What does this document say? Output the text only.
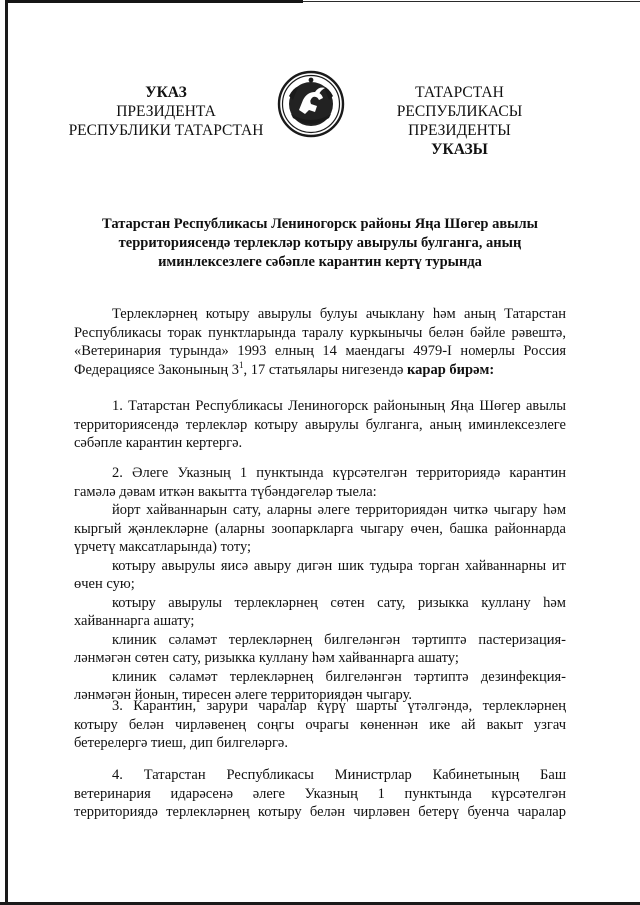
УКАЗ
ПРЕЗИДЕНТА
РЕСПУБЛИКИ ТАТАРСТАН
ТАТАРСТАН РЕСПУБЛИКАСЫ
ПРЕЗИДЕНТЫ
УКАЗЫ
Татарстан Республикасы Лениногорск районы Яңа Шөгер авылы
территориясендә терлекләр котыру авырулы булганга, аның
иминлексезлеге сәбәпле карантин кертү турында

Терлекләрнең котыру авырулы булуы ачыклану һәм аның Татарстан

Республикасы торак пунктларында таралу куркынычы белән бәйле рәвештә,

«Ветеринария турында» 1993 елның 14 маендагы 4979-I номерлы Россия

Федерациясе Законының $3^1$, 17 статьялары нигезендә карар бирәм:

1. Татарстан Республикасы Лениногорск районының Яңа Шөгер авылы

территориясендә терлекләр котыру авырулы булганга, аның иминлексезлеге

сәбәпле карантин кертергә.

2. Әлеге Указның 1 пунктында күрсәтелгән территориядә карантин

гамәлә дәвам иткән вакытта түбәндәгеләр тыела:

йорт хайваннарын сату, аларны әлеге территориядән читкә чыгару һәм

кыргый җәнлекләрне (аларны зоопаркларга чыгару өчен, башка районнарда

үрчетү максатларында) тоту;

котыру авырулы яисә авыру дигән шик тудыра торган хайваннарны ит

өчен сую;

котыру авырулы терлекләрнең сөтен сату, ризыкка куллану һәм

хайваннарга ашату;

клиник сәламәт терлекләрнең билгеләнгән тәртиптә пастеризация-

ләнмәгән сөтен сату, ризыкка куллану һәм хайваннарга ашату;

клиник сәламәт терлекләрнең билгеләнгән тәртиптә дезинфекция-

ләнмәгән йонын, тиресен әлеге территориядән чыгару.

3. Карантин, зарури чаралар күрү шарты үтәлгәндә, терлекләрнең

котыру белән чирләвенең соңгы очрагы көненнән ике ай вакыт узгач

бетерелергә тиеш, дип билгеләргә.

4. Татарстан Республикасы Министрлар Кабинетының Баш

ветеринария идарәсенә әлеге Указның 1 пунктында күрсәтелгән

территориядә терлекләрнең котыру белән чирләвен бетерү буенча чаралар
